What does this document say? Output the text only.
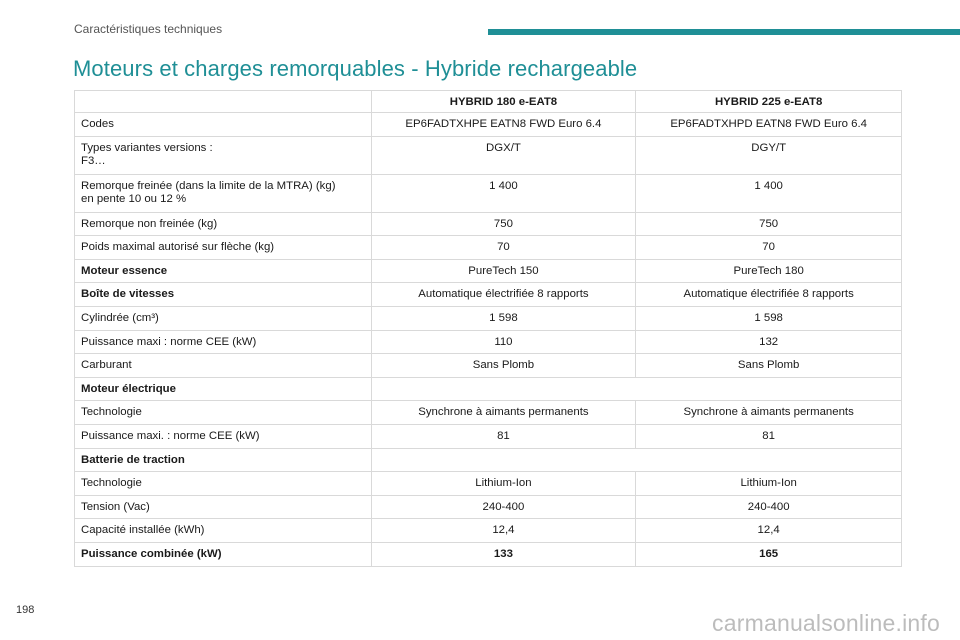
Caractéristiques techniques
Moteurs et charges remorquables - Hybride rechargeable
	HYBRID 180 e-EAT8	HYBRID 225 e-EAT8
Codes	EP6FADTXHPE EATN8 FWD Euro 6.4	EP6FADTXHPD EATN8 FWD Euro 6.4
Types variantes versions :
F3…	DGX/T	DGY/T
Remorque freinée (dans la limite de la MTRA) (kg)
en pente 10 ou 12 %	1 400	1 400
Remorque non freinée (kg)	750	750
Poids maximal autorisé sur flèche (kg)	70	70
Moteur essence	PureTech 150	PureTech 180
Boîte de vitesses	Automatique électrifiée 8 rapports	Automatique électrifiée 8 rapports
Cylindrée (cm³)	1 598	1 598
Puissance maxi : norme CEE (kW)	110	132
Carburant	Sans Plomb	Sans Plomb
Moteur électrique		
Technologie	Synchrone à aimants permanents	Synchrone à aimants permanents
Puissance maxi. : norme CEE (kW)	81	81
Batterie de traction		
Technologie	Lithium-Ion	Lithium-Ion
Tension (Vac)	240-400	240-400
Capacité installée (kWh)	12,4	12,4
Puissance combinée (kW)	133	165
198	carmanualsonline.info
